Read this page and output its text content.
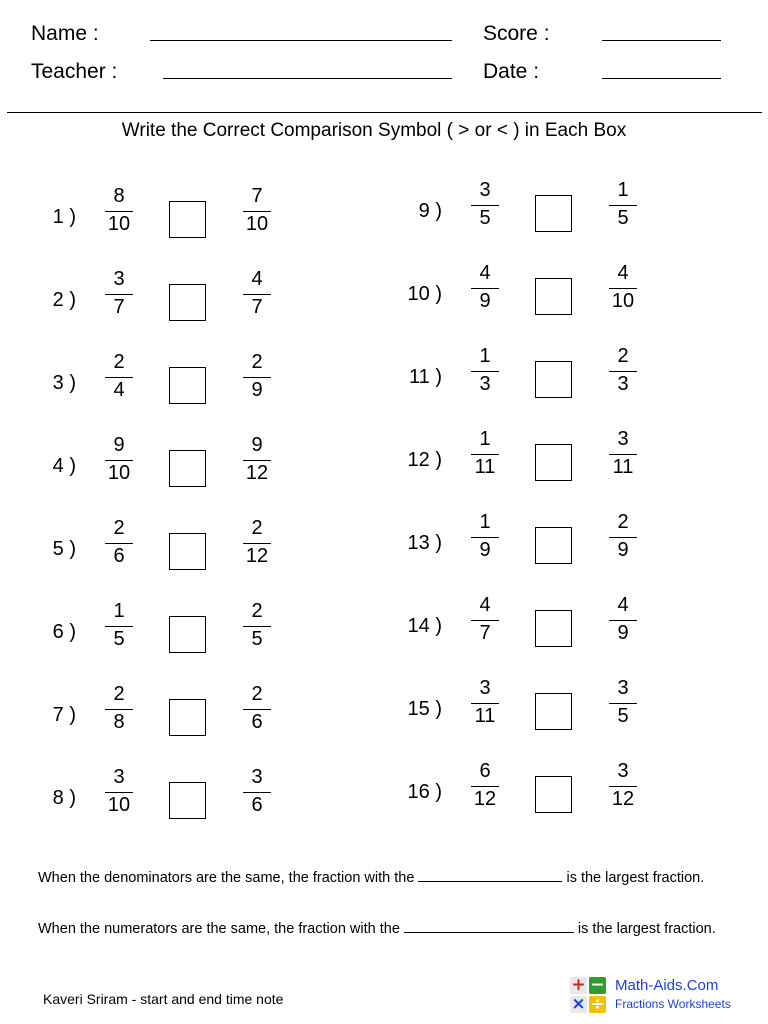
Name :
Teacher :
Score :
Date :
Write the Correct Comparison Symbol ( > or < ) in Each Box
1 )
8
10
7
10
2 )
3
7
4
7
3 )
2
4
2
9
4 )
9
10
9
12
5 )
2
6
2
12
6 )
1
5
2
5
7 )
2
8
2
6
8 )
3
10
3
6
9 )
3
5
1
5
10 )
4
9
4
10
11 )
1
3
2
3
12 )
1
11
3
11
13 )
1
9
2
9
14 )
4
7
4
9
15 )
3
11
3
5
16 )
6
12
3
12
When the denominators are the same, the fraction with the	is the largest fraction.
When the numerators are the same, the fraction with the	is the largest fraction.
Kaveri Sriram - start and end time note
+ −
× ÷
Math-Aids.Com
Fractions Worksheets
